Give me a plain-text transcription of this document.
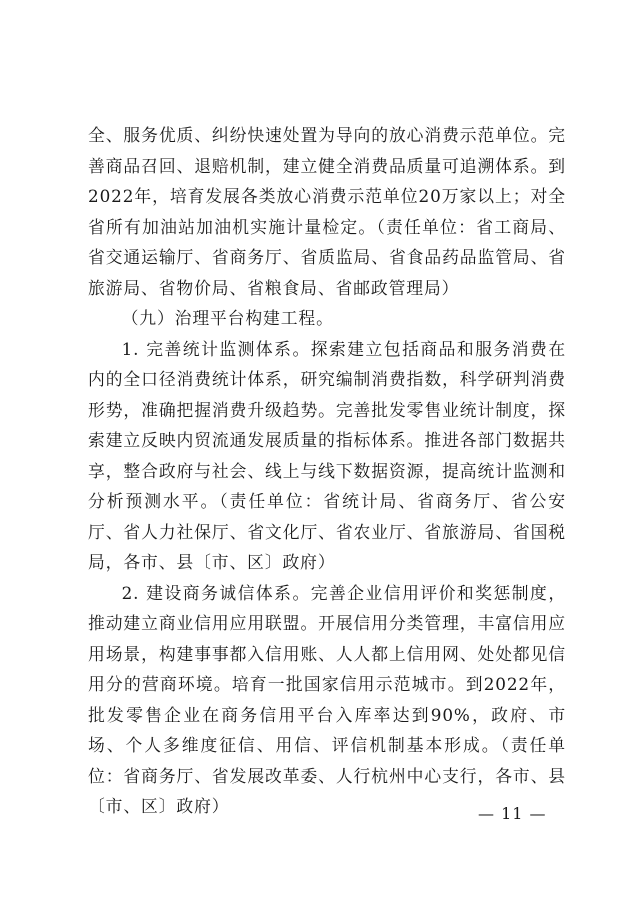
全、服务优质、纠纷快速处置为导向的放心消费示范单位。完善商品召回、退赔机制，建立健全消费品质量可追溯体系。到2022年，培育发展各类放心消费示范单位20万家以上；对全省所有加油站加油机实施计量检定。（责任单位：省工商局、省交通运输厅、省商务厅、省质监局、省食品药品监管局、省旅游局、省物价局、省粮食局、省邮政管理局）

（九）治理平台构建工程。

1. 完善统计监测体系。探索建立包括商品和服务消费在内的全口径消费统计体系，研究编制消费指数，科学研判消费形势，准确把握消费升级趋势。完善批发零售业统计制度，探索建立反映内贸流通发展质量的指标体系。推进各部门数据共享，整合政府与社会、线上与线下数据资源，提高统计监测和分析预测水平。（责任单位：省统计局、省商务厅、省公安厅、省人力社保厅、省文化厅、省农业厅、省旅游局、省国税局，各市、县〔市、区〕政府）

2. 建设商务诚信体系。完善企业信用评价和奖惩制度，推动建立商业信用应用联盟。开展信用分类管理，丰富信用应用场景，构建事事都入信用账、人人都上信用网、处处都见信用分的营商环境。培育一批国家信用示范城市。到2022年，批发零售企业在商务信用平台入库率达到90%，政府、市场、个人多维度征信、用信、评信机制基本形成。（责任单位：省商务厅、省发展改革委、人行杭州中心支行，各市、县〔市、区〕政府）	— 11 —
